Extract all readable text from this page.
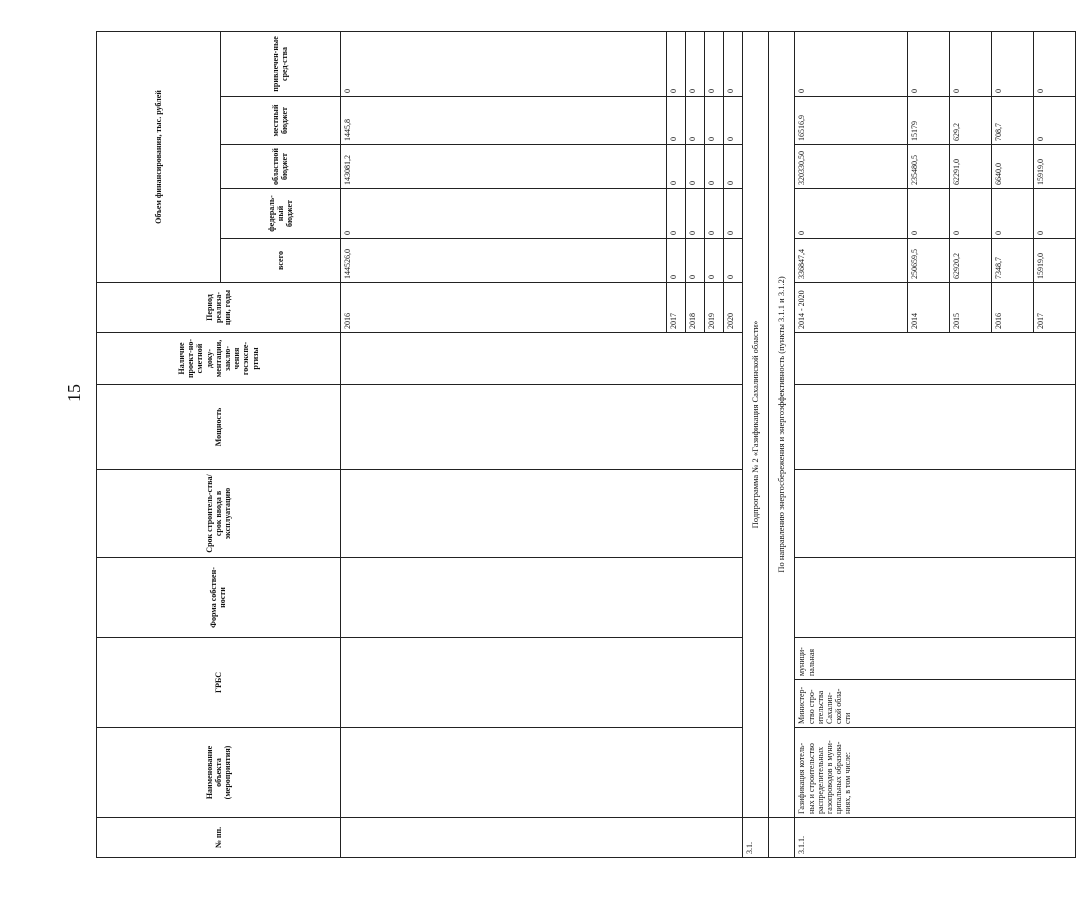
15
№ пп.	Наименование объекта (мероприятия)	ГРБС		Форма собствен-ности	Срок строитель-ства/срок ввода в эксплуатацию	Мощность	Наличие проект-но-сметной доку-ментации, заклю-чения госэкспе-ртизы	Период реализа-ции, годы	Объем финансирования, тыс. рублей	
									всего	федераль-ный бюджет	областной бюджет	местный бюджет	привлечен-ные сред-ства	
								2016	144526,0	0	143081,2	1445,8	0	
								2017	0	0	0	0	0	
								2018	0	0	0	0	0	
								2019	0	0	0	0	0	
								2020	0	0	0	0	0	
3.1.	Подпрограмма № 2 «Газификация Сахалинской области»													
	По направлению энергосбережения и энергоэффективность (пункты 3.1.1 и 3.1.2)													
3.1.1.	Газификация котель-ных и строительство распределительных газопроводов в муни-ципальных образова-ниях, в том числе:	Министер-ство стро-ительства Сахалин-ской обла-сти	муници-пальная					2014 - 2020	336847,4	0	320330,50	16516,9	0	
								2014	250659,5	0	235480,5	15179	0	
								2015	62920,2	0	62291,0	629,2	0	
								2016	7348,7	0	6640,0	708,7	0	
								2017	15919,0	0	15919,0	0	0	
